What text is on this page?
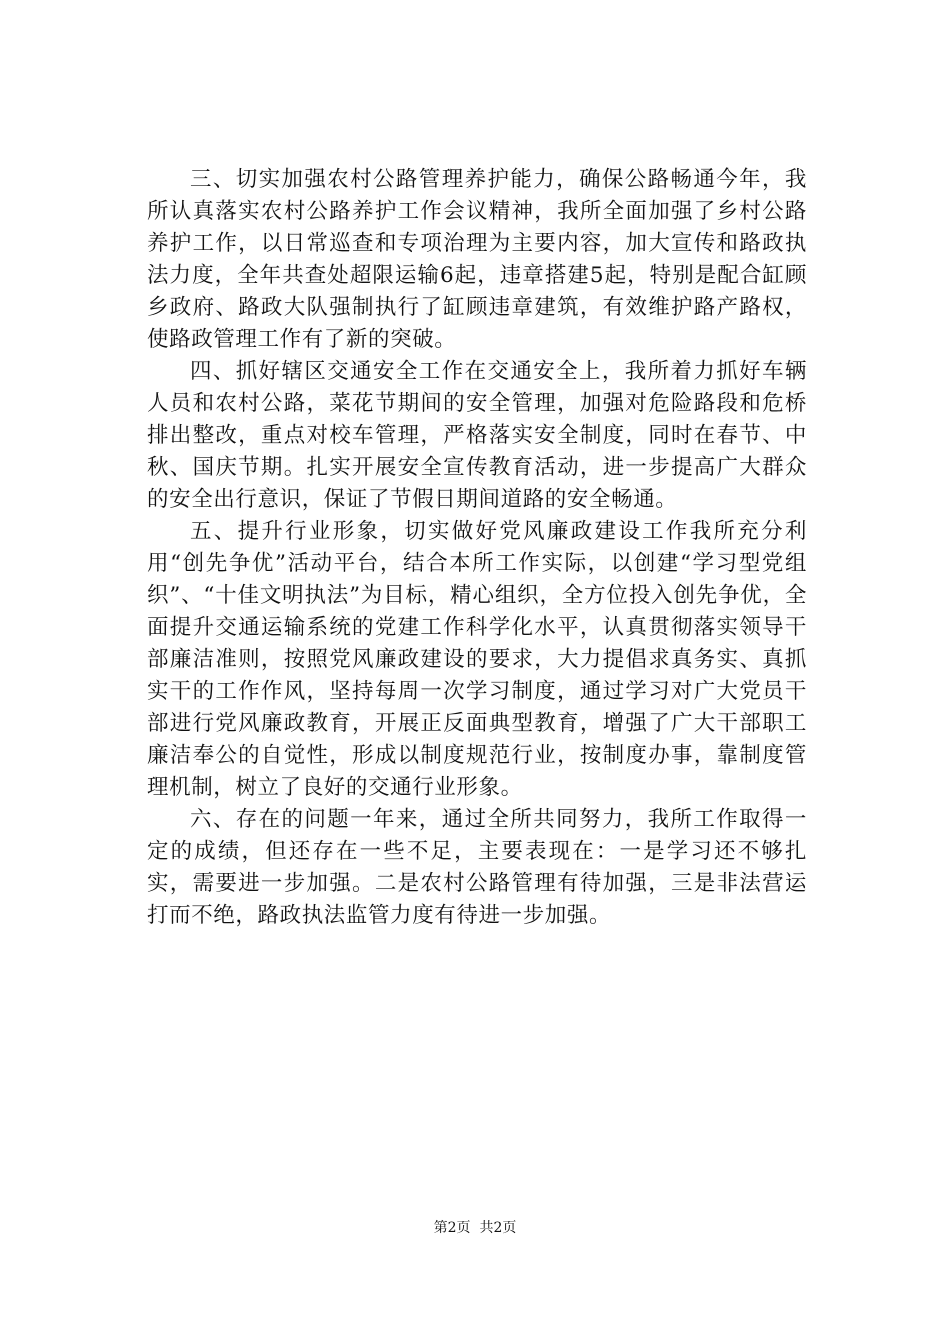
三、切实加强农村公路管理养护能力，确保公路畅通今年，我所认真落实农村公路养护工作会议精神，我所全面加强了乡村公路养护工作，以日常巡查和专项治理为主要内容，加大宣传和路政执法力度，全年共查处超限运输6起，违章搭建5起，特别是配合缸顾乡政府、路政大队强制执行了缸顾违章建筑，有效维护路产路权，使路政管理工作有了新的突破。

四、抓好辖区交通安全工作在交通安全上，我所着力抓好车辆人员和农村公路，菜花节期间的安全管理，加强对危险路段和危桥排出整改，重点对校车管理，严格落实安全制度，同时在春节、中秋、国庆节期。扎实开展安全宣传教育活动，进一步提高广大群众的安全出行意识，保证了节假日期间道路的安全畅通。

五、提升行业形象，切实做好党风廉政建设工作我所充分利用“创先争优”活动平台，结合本所工作实际，以创建“学习型党组织”、“十佳文明执法”为目标，精心组织，全方位投入创先争优，全面提升交通运输系统的党建工作科学化水平，认真贯彻落实领导干部廉洁准则，按照党风廉政建设的要求，大力提倡求真务实、真抓实干的工作作风，坚持每周一次学习制度，通过学习对广大党员干部进行党风廉政教育，开展正反面典型教育，增强了广大干部职工廉洁奉公的自觉性，形成以制度规范行业，按制度办事，靠制度管理机制，树立了良好的交通行业形象。

六、存在的问题一年来，通过全所共同努力，我所工作取得一定的成绩，但还存在一些不足，主要表现在：一是学习还不够扎实，需要进一步加强。二是农村公路管理有待加强，三是非法营运打而不绝，路政执法监管力度有待进一步加强。

第2页  共2页
